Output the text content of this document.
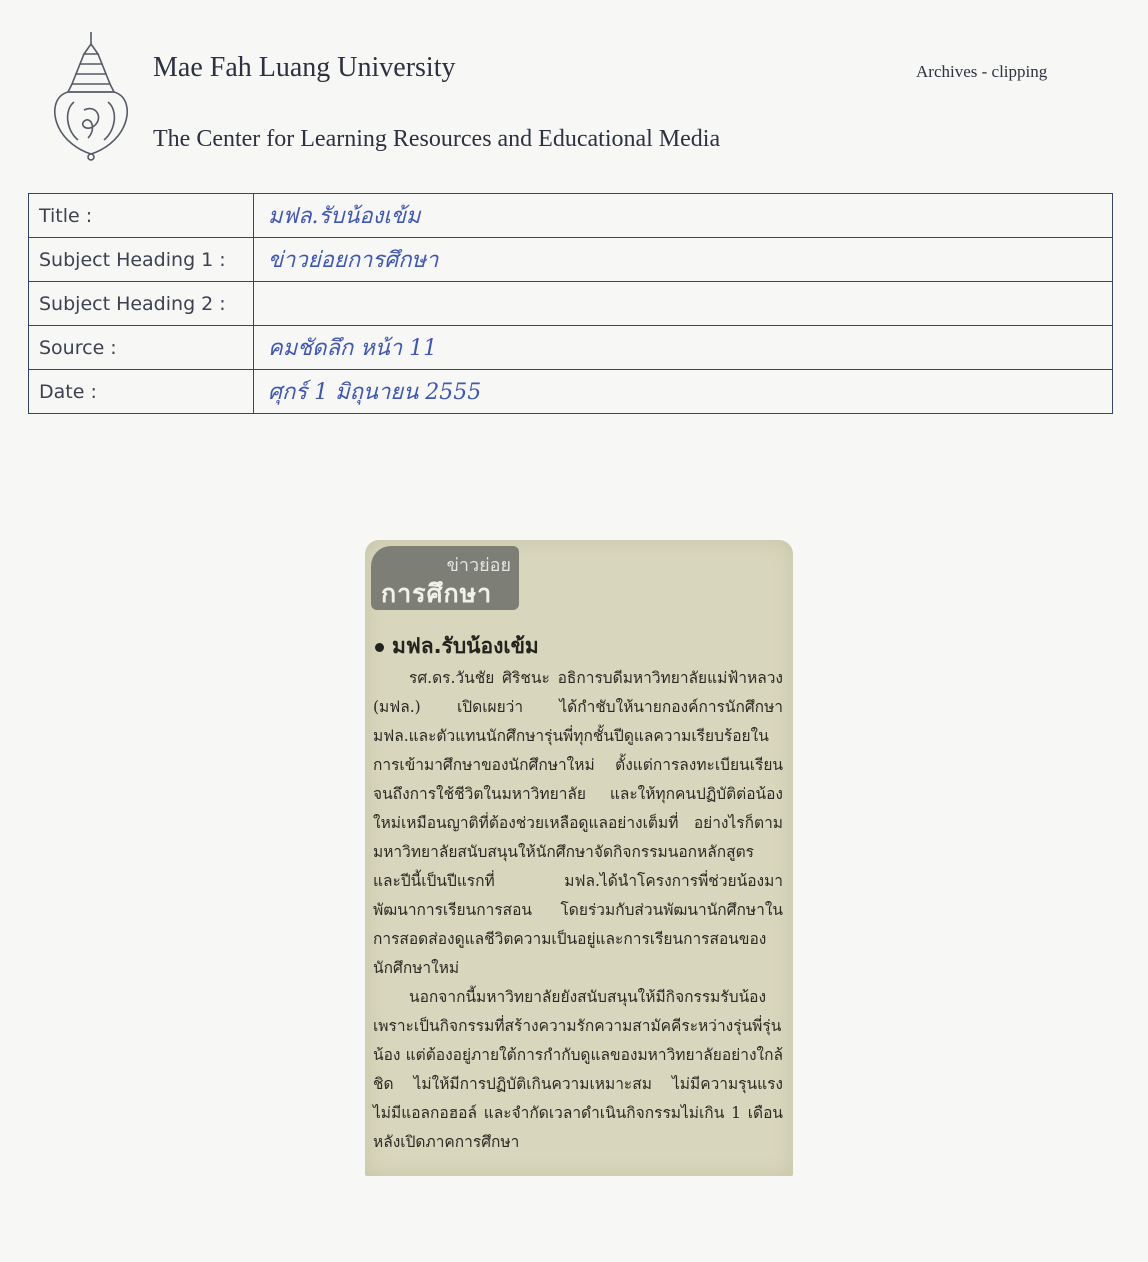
Mae Fah Luang University
The Center for Learning Resources and Educational Media
Archives - clipping
Title :	มฟล.รับน้องเข้ม
Subject Heading 1 :	ข่าวย่อยการศึกษา
Subject Heading 2 :	
Source :	คมชัดลึก หน้า 11
Date :	ศุกร์ 1 มิถุนายน 2555
ข่าวย่อย
การศึกษา
มฟล.รับน้องเข้ม

รศ.ดร.วันชัย ศิริชนะ อธิการบดีมหาวิทยาลัยแม่ฟ้าหลวง (มฟล.) เปิดเผยว่า ได้กำชับให้นายกองค์การนักศึกษา มฟล.และตัวแทนนักศึกษารุ่นพี่ทุกชั้นปีดูแลความเรียบร้อยในการเข้ามาศึกษาของนักศึกษาใหม่ ตั้งแต่การลงทะเบียนเรียนจนถึงการใช้ชีวิตในมหาวิทยาลัย และให้ทุกคนปฏิบัติต่อน้องใหม่เหมือนญาติที่ต้องช่วยเหลือดูแลอย่างเต็มที่ อย่างไรก็ตาม มหาวิทยาลัยสนับสนุนให้นักศึกษาจัดกิจกรรมนอกหลักสูตร และปีนี้เป็นปีแรกที่ มฟล.ได้นำโครงการพี่ช่วยน้องมาพัฒนาการเรียนการสอน โดยร่วมกับส่วนพัฒนานักศึกษาในการสอดส่องดูแลชีวิตความเป็นอยู่และการเรียนการสอนของนักศึกษาใหม่

นอกจากนี้มหาวิทยาลัยยังสนับสนุนให้มีกิจกรรมรับน้อง เพราะเป็นกิจกรรมที่สร้างความรักความสามัคคีระหว่างรุ่นพี่รุ่นน้อง แต่ต้องอยู่ภายใต้การกำกับดูแลของมหาวิทยาลัยอย่างใกล้ชิด ไม่ให้มีการปฏิบัติเกินความเหมาะสม ไม่มีความรุนแรง ไม่มีแอลกอฮอล์ และจำกัดเวลาดำเนินกิจกรรมไม่เกิน 1 เดือนหลังเปิดภาคการศึกษา
